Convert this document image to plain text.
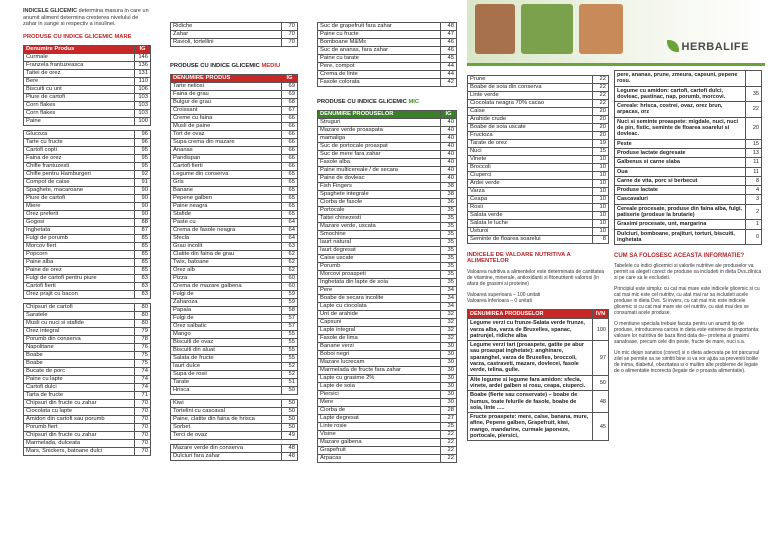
INDICELE GLICEMIC determina masura in care un anumit aliment determina cresterea nivelului de zahar in sange si respectiv a insulinei.
PRODUSE CU INDICE GLICEMIC MARE
Denumire Produs	IG
Curmale	146
Franzela frantuzeasca	136
Taitei de orez	131
Bere	110
Biscuiti cu unt	106
Piure de cartofi	103
Corn flakes	103
Corn flakes	103
Paine	100
Glucoza	96
Tarte cu fructe	96
Cartofi copti	95
Faina de orez	95
Chifle frantuzesti	95
Chifle pentru Hamburgeri	92
Compot de caise	91
Spaghete, macaroane	90
Piure de cartofi	90
Miere	90
Orez preferit	90
Gogosi	88
Inghetata	87
Fulgi de porumb	85
Morcov fiert	85
Popcorn	85
Paine alba	85
Paine de orez	85
Fulgi de cartofi pentru piure	83
Cartofi fierti	83
Orez prajit cu bacon	83
Chipsuri de cartofi	80
Saratele	80
Musli cu nuci si stafide	80
Orez integral	79
Porumb din conserva	78
Napolitane	76
Boabe	75
Boabe	75
Bucate de porc	74
Paine cu lapte	74
Cartofi dulci	74
Tarta de fructe	71
Chipsuri din fructe cu zahar	70
Ciocolata cu lapte	70
Amidon din cartofi sau porumb	70
Porumb fiert	70
Chipsuri din fructe cu zahar	70
Marmelada, dulceata	70
Mars, Snickers, batoane dulci	70
Ridiche	70
Zahar	70
Ravioli, tortellini	70
PRODUSE CU INDICE GLICEMIC MEDIU
DENUMIRE PRODUS	IG
Tarte neliosi	69
Faina de grau	69
Bulgur de grau	68
Croissant	67
Creme cu faina	66
Musli de paine	66
Tort de ovaz	66
Supa crema din mazare	66
Ananas	66
Pandispan	66
Cartofi fierti	66
Legume din conserva	65
Gris	65
Banane	65
Pepene galben	65
Paine neagra	65
Stafide	65
Paste cu	64
Crema de fasole neagra	64
Sfecla	64
Grau incolit	63
Clatite din faina de grau	62
Twix, batoane	62
Orez alb	62
Pizza	60
Crema de mazare galbena	60
Fulgi de	59
Zaharoza	59
Papaia	58
Fulgi de	57
Orez salbatic	57
Mango	55
Biscuiti de ovaz	55
Biscuiti din aluat	55
Salata de fructe	55
Iaurt dulce	52
Supa de rosii	52
Tarate	51
Hrisca	50
Kiwi	50
Tortelini cu cascaval	50
Paine, clatite din faina de hrisca	50
Sorbet	50
Terci de ovaz	49
Mazare verde din conserva	48
Dulciuri fara zahar	48
Suc de grapefruit fara zahar	48
Paine cu fructe	47
Bomboane M&Ms	46
Suc de ananas, fara zahar	46
Paine cu tarate	45
Pere, compot	44
Crema de linte	44
Fasole colorata	42
PRODUSE CU INDICE GLICEMIC MIC
DENUMIRE PRODUSELOR	IG
Struguri	40
Mazare verde proaspata	40
mamaliga	40
Suc de portocale proaspat	40
Suc de mere fara zahar	40
Fasole alba	40
Paine multicereale / de secara	40
Paine de dovleac	40
Fish Fingers	38
Spaghete integrale	38
Ciorba de fasole	36
Portocale	35
Taitei chinezesti	35
Mazare verde, uscata	35
Smochine	35
Iaurt natural	35
Iaurt degresat	35
Caise uscate	35
Porumb	35
Morcovi proaspeti	35
Inghetata din lapte de soia	35
Pere	34
Boabe de secara incolite	34
Lapte cu ciocolata	34
Unt de arahide	32
Capsuni	32
Lapte integral	32
Fasole de lima	32
Banane verzi	30
Boboi negri	30
Mazare lucrecam	30
Marmelada de fructe fara zahar	30
Lapte cu grasime 2%	30
Lapte de soia	30
Piersici	30
Mere	30
Ciorba de	28
Lapte degresat	27
Linte rosie	25
Visine	22
Mazare galbena	22
Grapefruit	22
Arpacas	22
HERBALIFE
Prune	22
Boabe de soia din conserva	22
Linte verde	22
Ciocolata neagra 70% cacao	22
Caise	20
Arahide crude	20
Boabe de soia uscate	20
Fructoza	20
Tarate de orez	19
Nuci	15
Vinete	10
Broccoli	10
Ciuperci	10
Ardei verde	10
Varza	10
Ceapa	10
Rosii	10
Salata verde	10
Salata le luche	10
Usturoi	10
Seminte de floarea soarelui	8
INDICELE DE VALOARE NUTRITIVA A ALIMENTELOR
Valoarea nutritiva a alimentelor este determinata de cantitatea de vitamine, minerale, antioxidanti si fitonutrienti valorosi (in afara de grasimi si proteine)
Valoarea superioara – 100 unitati
Valoarea inferioara – 0 unitati
DENUMIREA PRODUSELOR	IVN
Legume verzi cu frunze-Salata verde frunze, varza alba, varza de Bruxelles, spanac, patrunjel, ridiche alba	100
Legume verzi tari (proaspete, gatite pe abur sau proaspat inghetate): anghinare, sparanghel, varza de Bruxelles, broccoli, varza, castraveti, mazare, dovlecei, fasole verde, telina, gulie.	97
Alte legume si legume fara amidon: sfecla, vinete, ardei galben si rosu, ceapa, ciuperci.	50
Boabe (fierte sau conservate) – boabe de humus, toate felurile de fasole, boabe de soia, linte .....	48
Fructe proaspete: mere, caise, banana, mure, afine, Pepene galben, Grapefruit, kiwi, mango, mandarine, curmale japoneze, portocale, piersici,	45
pere, ananas, prune, zmeura, capsuni, pepene rosu.	
Legume cu amidon: cartofi, cartofi dulci, dovleac, pastinac, nap, porumb, morcovi.	35
Cereale: hrisca, costrei, ovaz, orez brun, arpacas, orz	22
Nuci si seminte proaspete: migdale, nuci, nuci de pin, fistic, seminte de floarea soarelui si dovleac.	20
Peste	15
Produse lactate degresate	13
Galbenus si carne slaba	11
Oua	11
Carne de vita, porc si berbecut	8
Produse lactate	4
Cascavaluri	3
Cereale procesate, produse din faina alba, fulgi, patiserie (prodsue la brutarie)	2
Grasimi procesate, unt, margarina	1
Dulciuri, bomboane, prajituri, torturi, biscuiti, inghetata	0
CUM SA FOLOSESC ACEASTA INFORMATIE?
Tabelele cu indici glicemici si valorile nutritive ale produselor va permit sa alegeti corect de produse sa includeti in dieta Dvs.zilnica si pe care sa le excludeti.
Principiul este simplu: cu cat mai mare este indicele glicemic si cu cat mai mic este cel nutritiv, cu atat mai rar sa includeti acele produse in dieta Dvs. Si invers, cu cat mai mic este indicele glicemic si cu cat mai mare ste cel nutritiv, cu atat mai des se consumati acele produse.
O mentiune speciala trebuie facuta pentru un anumit tip de produse, introducerea carora in dieta este extreme de importanta: valoare lor nutritiva de baza fiind data de– proteina si grasimi sanatoase, precum cele din peste, fructe de mare, nuci s.a.
Un mic dejun sanatos (corect) si o dieta adecvata pe tot parcursul zilei se permite sa se simtiti bine si va vor ajuta sa preveniti bolile de inima, diabetul, obezitatea si o multim alte probleme de legate de o alimentatie incorecta (legate de o proasta alimentatie).
